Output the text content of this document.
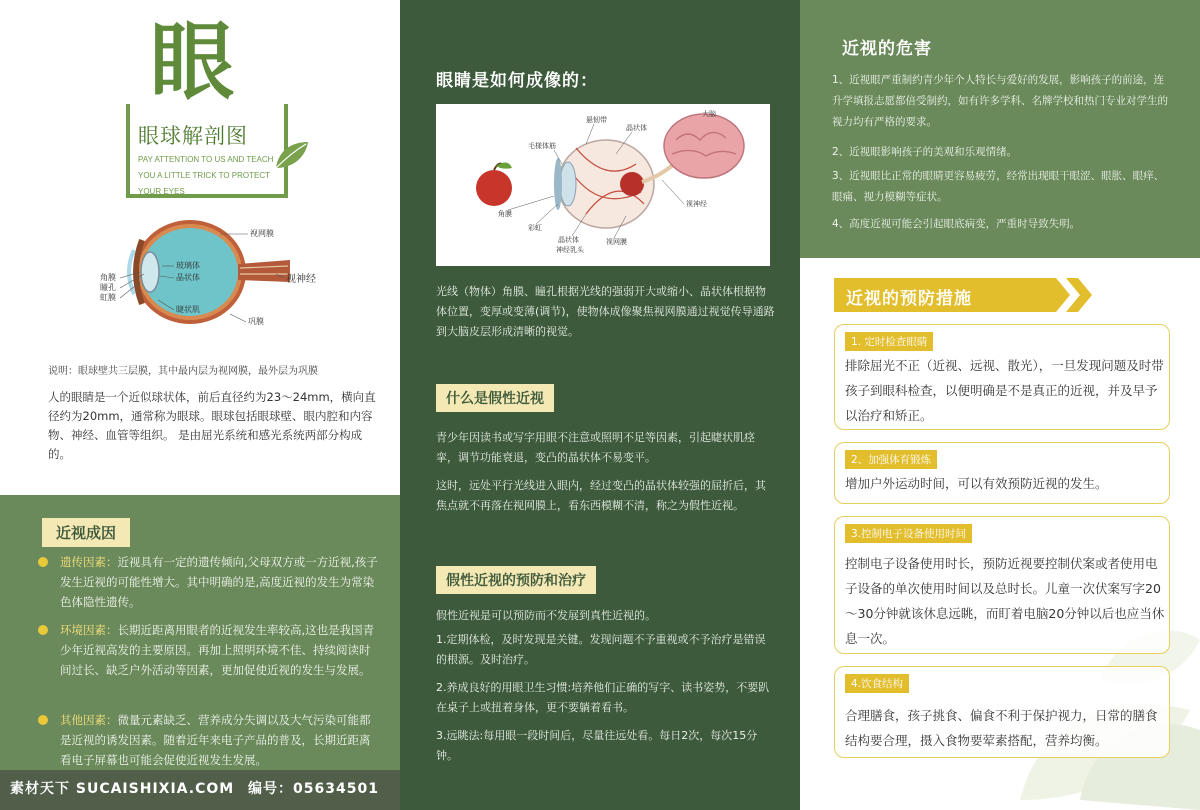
眼
眼球解剖图
PAY ATTENTION TO US AND TEACH
YOU A LITTLE TRICK TO PROTECT
YOUR EYES
视网膜
角膜
瞳孔
虹膜
玻璃体
晶状体
睫状肌
视神经
巩膜
说明：眼球壁共三层膜，其中最内层为视网膜，最外层为巩膜
人的眼睛是一个近似球状体，前后直径约为23～24mm，横向直径约为20mm，通常称为眼球。眼球包括眼球壁、眼内腔和内容物、神经、血管等组织。 是由屈光系统和感光系统两部分构成的。
近视成因
遗传因素：近视具有一定的遗传倾向,父母双方或一方近视,孩子发生近视的可能性增大。其中明确的是,高度近视的发生为常染色体隐性遗传。
环境因素：长期近距离用眼者的近视发生率较高,这也是我国青少年近视高发的主要原因。再加上照明环境不佳、持续阅读时间过长、缺乏户外活动等因素，更加促使近视的发生与发展。
其他因素：微量元素缺乏、营养成分失调以及大气污染可能都是近视的诱发因素。随着近年来电子产品的普及，长期近距离看电子屏幕也可能会促使近视发生发展。
眼睛是如何成像的：
悬韧带
晶状体
大脑
毛様体筋
角膜
彩虹
晶状体
神经乳头
视网膜
视神经
光线（物体）角膜、瞳孔根据光线的强弱开大或缩小、晶状体根据物体位置，变厚或变薄(调节)，使物体成像聚焦视网膜通过视觉传导通路到大脑皮层形成清晰的视觉。
什么是假性近视
青少年因读书或写字用眼不注意或照明不足等因素，引起睫状肌痉挛，调节功能衰退，变凸的晶状体不易变平。
这时，远处平行光线进入眼内，经过变凸的晶状体较强的屈折后，其焦点就不再落在视网膜上，看东西模糊不清，称之为假性近视。
假性近视的预防和治疗
假性近视是可以预防而不发展到真性近视的。
1.定期体检，及时发现是关键。发现问题不予重视或不予治疗是错误的根源。及时治疗。
2.养成良好的用眼卫生习惯:培养他们正确的写字、读书姿势，不要趴在桌子上或扭着身体，更不要躺着看书。
3.远眺法:每用眼一段时间后，尽量往远处看。每日2次，每次15分钟。
近视的危害
1、近视眼严重制约青少年个人特长与爱好的发展，影响孩子的前途，连升学填报志愿都倍受制约，如有许多学科、名牌学校和热门专业对学生的视力均有严格的要求。
2、近视眼影响孩子的美观和乐观情绪。
3、近视眼比正常的眼睛更容易疲劳，经常出现眼干眼涩、眼胀、眼痒、眼痛、视力模糊等症状。
4、高度近视可能会引起眼底病变，严重时导致失明。
近视的预防措施
1. 定时检查眼睛
排除屈光不正（近视、远视、散光），一旦发现问题及时带孩子到眼科检查，以便明确是不是真正的近视，并及早予以治疗和矫正。
2、加强体育锻炼
增加户外运动时间，可以有效预防近视的发生。
3.控制电子设备使用时间
控制电子设备使用时长，预防近视要控制伏案或者使用电子设备的单次使用时间以及总时长。儿童一次伏案写字20～30分钟就该休息远眺，而盯着电脑20分钟以后也应当休息一次。
4.饮食结构
合理膳食，孩子挑食、偏食不利于保护视力，日常的膳食结构要合理，摄入食物要荤素搭配，营养均衡。
素材天下 SUCAISHIXIA.COM 编号：05634501
